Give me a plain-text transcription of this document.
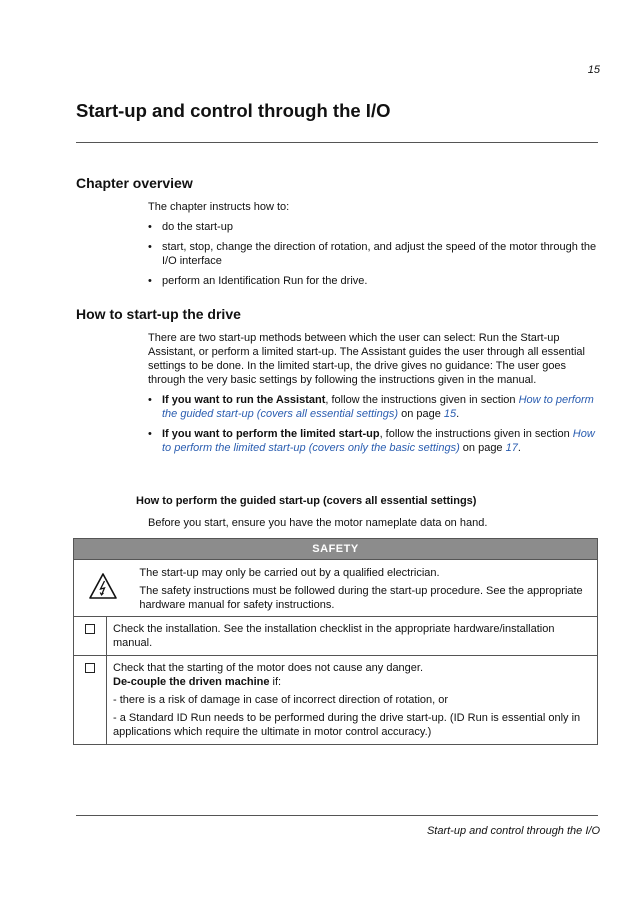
15
Start-up and control through the I/O
Chapter overview

The chapter instructs how to:

• do the start-up
• start, stop, change the direction of rotation, and adjust the speed of the motor through the I/O interface
• perform an Identification Run for the drive.
How to start-up the drive

There are two start-up methods between which the user can select: Run the Start-up Assistant, or perform a limited start-up. The Assistant guides the user through all essential settings to be done. In the limited start-up, the drive gives no guidance: The user goes through the very basic settings by following the instructions given in the manual.

• If you want to run the Assistant, follow the instructions given in section How to perform the guided start-up (covers all essential settings) on page 15.
• If you want to perform the limited start-up, follow the instructions given in section How to perform the limited start-up (covers only the basic settings) on page 17.
How to perform the guided start-up (covers all essential settings)
Before you start, ensure you have the motor nameplate data on hand.
SAFETY		

The start-up may only be carried out by a qualified electrician.
The safety instructions must be followed during the start-up procedure. See the appropriate hardware manual for safety instructions.

	Check the installation. See the installation checklist in the appropriate hardware/installation manual.	

	Check that the starting of the motor does not cause any danger.
De-couple the driven machine if:

- there is a risk of damage in case of incorrect direction of rotation, or

- a Standard ID Run needs to be performed during the drive start-up. (ID Run is essential only in applications which require the ultimate in motor control accuracy.)	

Start-up and control through the I/O
